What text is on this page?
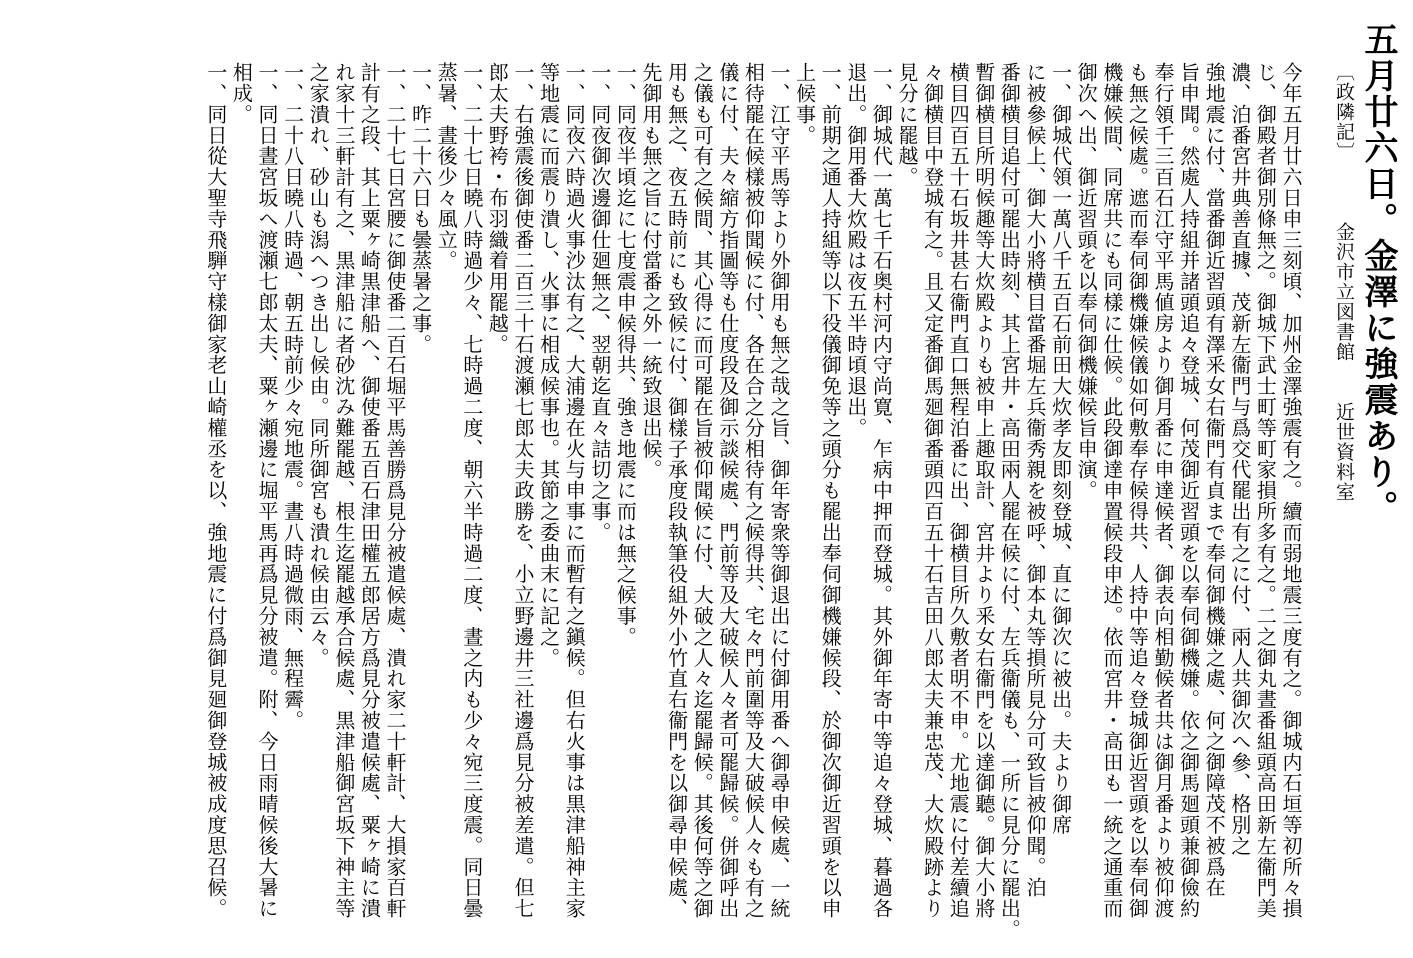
五月廿六日。金澤に強震あり。
〔政隣記〕金沢市立図書館近世資料室
今年五月廿六日申三刻頃、加州金澤強震有之。續而弱地震三度有之。御城内石垣等初所々損
じ、御殿者御別條無之。御城下武士町等町家損所多有之。二之御丸晝番組頭高田新左衞門美
濃、泊番宮井典善直據、茂新左衞門与爲交代罷出有之に付、兩人共御次へ參、格別之
強地震に付、當番御近習頭有澤釆女右衞門有貞まで奉伺御機嫌之處、何之御障茂不被爲在
旨申聞。然處人持組并諸頭追々登城、何茂御近習頭を以奉伺御機嫌。依之御馬廻頭兼御儉約
奉行領千三百石江守平馬値房より御月番に申達候者、御表向相勤候者共は御月番より被仰渡
も無之候處。遮而奉伺御機嫌候儀如何敷奉存候得共、人持中等追々登城御近習頭を以奉伺御
機嫌候間、同席共にも同樣に仕候。此段御達申置候段申述。依而宮井・高田も一統之通重而
御次へ出、御近習頭を以奉伺御機嫌候旨申演。
一、御城代領一萬八千五百石前田大炊孝友即刻登城、直に御次に被出。夫より御席
に被參候上、御大小將横目當番堀左兵衞秀親を被呼、御本丸等損所見分可致旨被仰聞。泊
番御横目追付可罷出時刻、其上宮井・高田兩人罷在候に付、左兵衞儀も、一所に見分に罷出。
暫御横目所明候趣等大炊殿よりも被申上趣取計、宮井より釆女右衞門を以達御聽。御大小將
横目四百五十石坂井甚右衞門直口無程泊番に出、御横目所久敷者明不申。尤地震に付差續追
々御横目中登城有之。且又定番御馬廻御番頭四百五十石吉田八郎太夫兼忠茂、大炊殿跡より
見分に罷越。
一、御城代一萬七千石奥村河内守尚寛、乍病中押而登城。其外御年寄中等追々登城、暮過各
退出。御用番大炊殿は夜五半時頃退出。
一、前期之通人持組等以下役儀御免等之頭分も罷出奉伺御機嫌候段、於御次御近習頭を以申
上候事。
一、江守平馬等より外御用も無之哉之旨、御年寄衆等御退出に付御用番へ御尋申候處、一統
相待罷在候樣被仰聞候に付、各在合之分相待有之候得共、宅々門前圍等及大破候人々も有之
儀に付、夫々縮方指圖等も仕度段及御示談候處、門前等及大破候人々者可罷歸候。併御呼出
之儀も可有之候間、其心得に而可罷在旨被仰聞候に付、大破之人々迄罷歸候。其後何等之御
用も無之、夜五時前にも致候に付、御樣子承度段執筆役組外小竹直右衞門を以御尋申候處、
先御用も無之旨に付當番之外一統致退出候。
一、同夜半頃迄に七度震申候得共、強き地震に而は無之候事。
一、同夜御次邊御仕廻無之、翌朝迄直々詰切之事。
一、同夜六時過火事沙汰有之、大浦邊在火与申事に而暫有之鎭候。但右火事は黒津船神主家
等地震に而震り潰し、火事に相成候事也。其節之委曲末に記之。
一、右強震後御使番二百三十石渡瀬七郎太夫政勝を、小立野邊井三社邊爲見分被差遣。但七
郎太夫野袴・布羽織着用罷越。
一、二十七日曉八時過少々、七時過二度、朝六半時過二度、晝之内も少々宛三度震。同日曇
蒸暑、晝後少々風立。
一、昨二十六日も曇蒸暑之事。
一、二十七日宮腰に御使番二百石堀平馬善勝爲見分被遣候處、潰れ家二十軒計、大損家百軒
計有之段、其上粟ヶ崎黒津船へ、御使番五百石津田權五郎居方爲見分被遣候處、粟ヶ崎に潰
れ家十三軒計有之、黒津船に者砂沈み難罷越、根生迄罷越承合候處、黒津船御宮坂下神主等
之家潰れ、砂山も潟へつき出し候由。同所御宮も潰れ候由云々。
一、二十八日曉八時過、朝五時前少々宛地震。晝八時過微雨、無程霽。
一、同日晝宮坂へ渡瀬七郎太夫、粟ヶ瀬邊に堀平馬再爲見分被遣。附、今日雨晴候後大暑に
相成。
一、同日從大聖寺飛騨守樣御家老山崎權丞を以、強地震に付爲御見廻御登城被成度思召候。
